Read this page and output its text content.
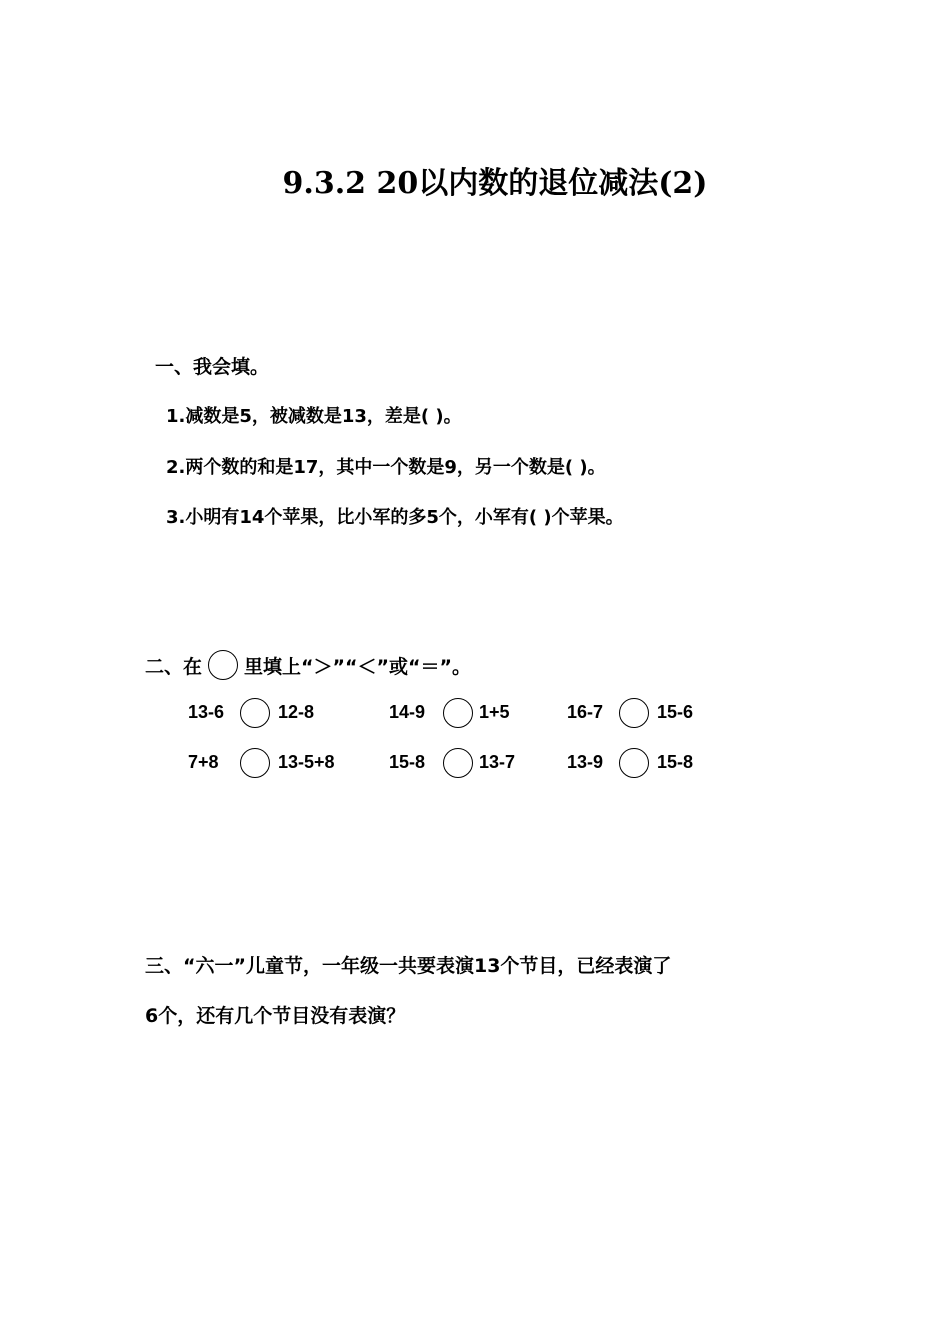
9.3.2 20以内数的退位减法(2)
一、我会填。
1.减数是5，被减数是13，差是( )。
2.两个数的和是17，其中一个数是9，另一个数是( )。
3.小明有14个苹果，比小军的多5个，小军有( )个苹果。
二、在 里填上“＞”“＜”或“＝”。
13-6	12-8	14-9	1+5	16-7	15-6
7+8	13-5+8	15-8	13-7	13-9	15-8
三、“六一”儿童节，一年级一共要表演13个节目，已经表演了
6个，还有几个节目没有表演？
